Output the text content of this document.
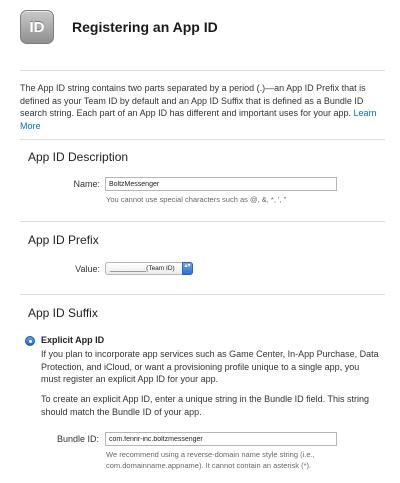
ID	Registering an App ID
The App ID string contains two parts separated by a period (.)—an App ID Prefix that is defined as your Team ID by default and an App ID Suffix that is defined as a Bundle ID search string. Each part of an App ID has different and important uses for your app. Learn More
App ID Description
Name:
BoltzMessenger
You cannot use special characters such as @, &, *, ', "
App ID Prefix
Value:	__________(Team ID)	▴▾
App ID Suffix
Explicit App ID
If you plan to incorporate app services such as Game Center, In-App Purchase, Data Protection, and iCloud, or want a provisioning profile unique to a single app, you must register an explicit App ID for your app.
To create an explicit App ID, enter a unique string in the Bundle ID field. This string should match the Bundle ID of your app.
Bundle ID:
com.fenrir-inc.boltzmessenger
We recommend using a reverse-domain name style string (i.e., com.domainname.appname). It cannot contain an asterisk (*).
